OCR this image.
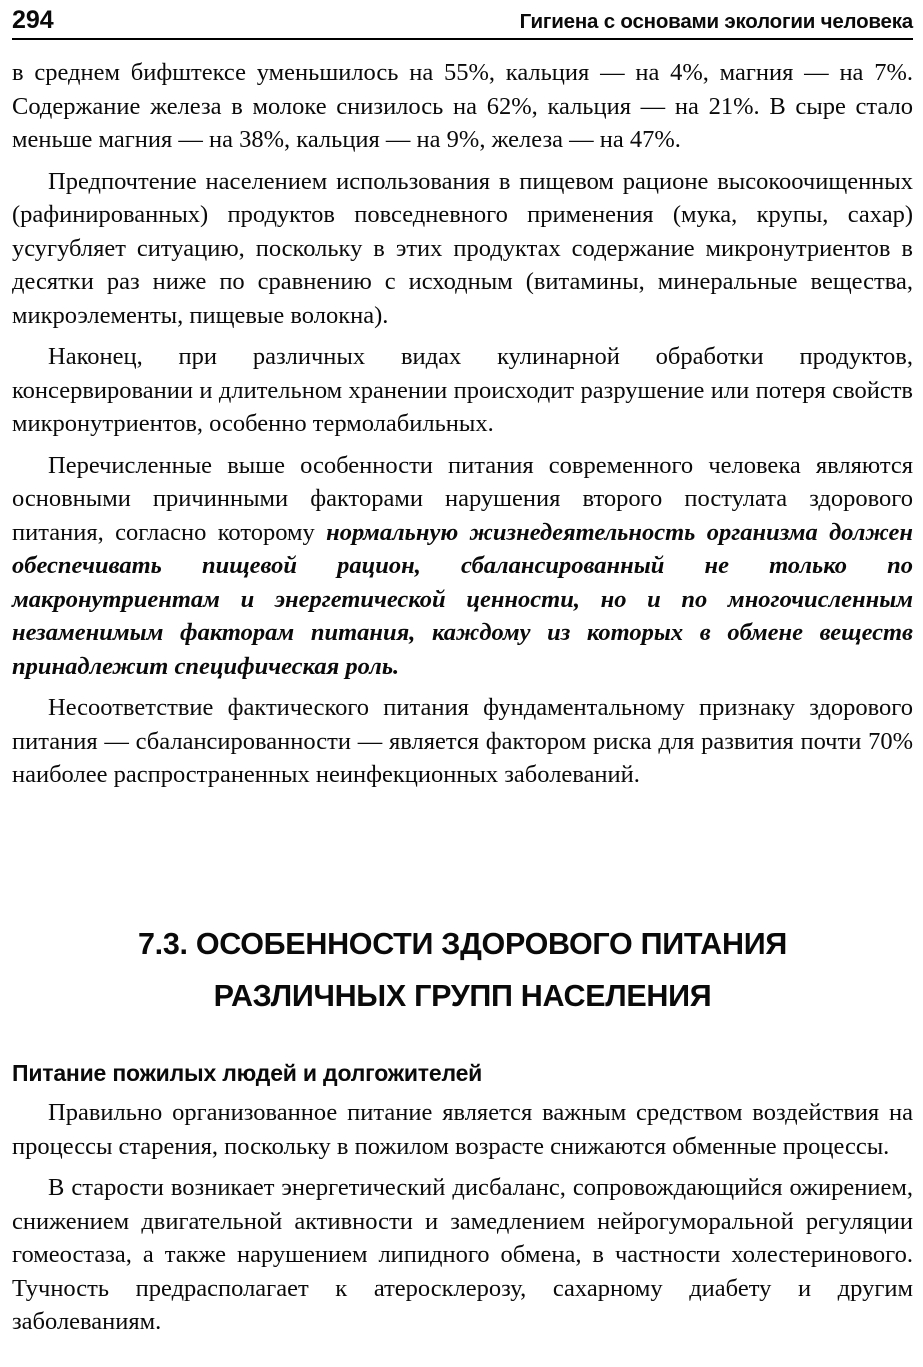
294	Гигиена с основами экологии человека

в среднем бифштексе уменьшилось на 55%, кальция — на 4%, магния — на 7%. Содержание железа в молоке снизилось на 62%, кальция — на 21%. В сыре стало меньше магния — на 38%, кальция — на 9%, железа — на 47%.

Предпочтение населением использования в пищевом рационе высокоочищенных (рафинированных) продуктов повседневного применения (мука, крупы, сахар) усугубляет ситуацию, поскольку в этих продуктах содержание микронутриентов в десятки раз ниже по сравнению с исходным (витамины, минеральные вещества, микроэлементы, пищевые волокна).

Наконец, при различных видах кулинарной обработки продуктов, консервировании и длительном хранении происходит разрушение или потеря свойств микронутриентов, особенно термолабильных.

Перечисленные выше особенности питания современного человека являются основными причинными факторами нарушения второго постулата здорового питания, согласно которому нормальную жизнедеятельность организма должен обеспечивать пищевой рацион, сбалансированный не только по макронутриентам и энергетической ценности, но и по многочисленным незаменимым факторам питания, каждому из которых в обмене веществ принадлежит специфическая роль.

Несоответствие фактического питания фундаментальному признаку здорового питания — сбалансированности — является фактором риска для развития почти 70% наиболее распространенных неинфекционных заболеваний.

7.3. ОСОБЕННОСТИ ЗДОРОВОГО ПИТАНИЯ
РАЗЛИЧНЫХ ГРУПП НАСЕЛЕНИЯ
Питание пожилых людей и долгожителей

Правильно организованное питание является важным средством воздействия на процессы старения, поскольку в пожилом возрасте снижаются обменные процессы.

В старости возникает энергетический дисбаланс, сопровождающийся ожирением, снижением двигательной активности и замедлением нейрогуморальной регуляции гомеостаза, а также нарушением липидного обмена, в частности холестеринового. Тучность предрасполагает к атеросклерозу, сахарному диабету и другим заболеваниям.
